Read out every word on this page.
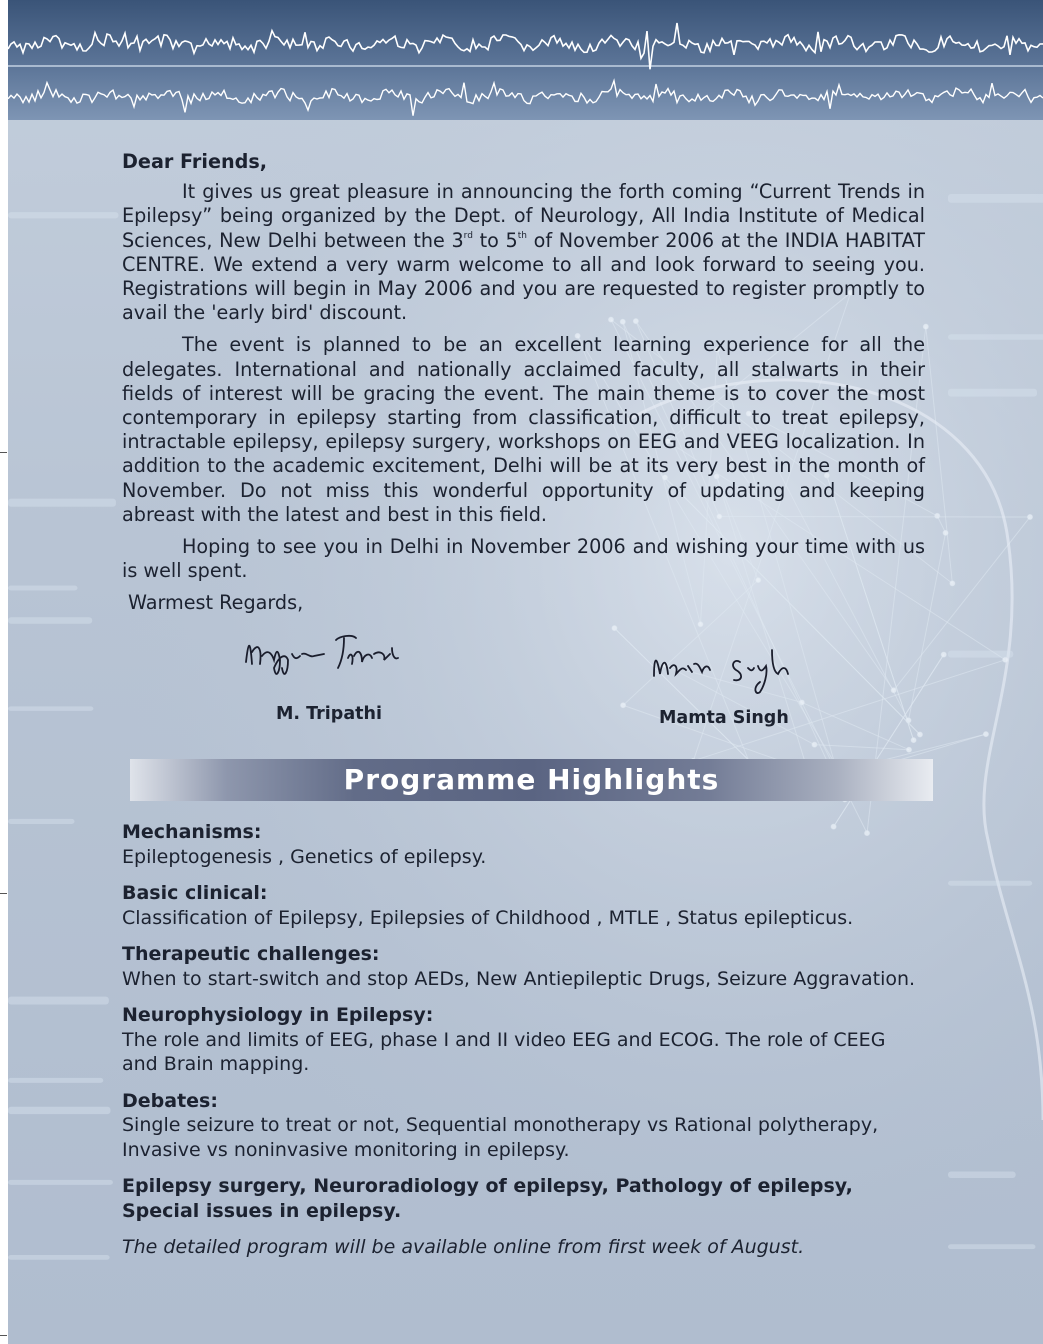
Programme Highlights

Dear Friends,

It gives us great pleasure in announcing the forth coming “Current Trends in Epilepsy” being organized by the Dept. of Neurology, All India Institute of Medical Sciences, New Delhi between the 3rd to 5th of November 2006 at the INDIA HABITAT CENTRE. We extend a very warm welcome to all and look forward to seeing you. Registrations will begin in May 2006 and you are requested to register promptly to avail the 'early bird' discount.

The event is planned to be an excellent learning experience for all the delegates. International and nationally acclaimed faculty, all stalwarts in their fields of interest will be gracing the event. The main theme is to cover the most contemporary in epilepsy starting from classification, difficult to treat epilepsy, intractable epilepsy, epilepsy surgery, workshops on EEG and VEEG localization. In addition to the academic excitement, Delhi will be at its very best in the month of November. Do not miss this wonderful opportunity of updating and keeping abreast with the latest and best in this field.

Hoping to see you in Delhi in November 2006 and wishing your time with us is well spent.

Warmest Regards,

M. Tripathi	Mamta Singh
Mechanisms:
Epileptogenesis , Genetics of epilepsy.
Basic clinical:
Classification of Epilepsy, Epilepsies of Childhood , MTLE , Status epilepticus.
Therapeutic challenges:
When to start-switch and stop AEDs, New Antiepileptic Drugs, Seizure Aggravation.
Neurophysiology in Epilepsy:
The role and limits of EEG, phase I and II video EEG and ECOG. The role of CEEG and Brain mapping.
Debates:
Single seizure to treat or not, Sequential monotherapy vs Rational polytherapy, Invasive vs noninvasive monitoring in epilepsy.
Epilepsy surgery, Neuroradiology of epilepsy, Pathology of epilepsy, Special issues in epilepsy.
The detailed program will be available online from first week of August.
